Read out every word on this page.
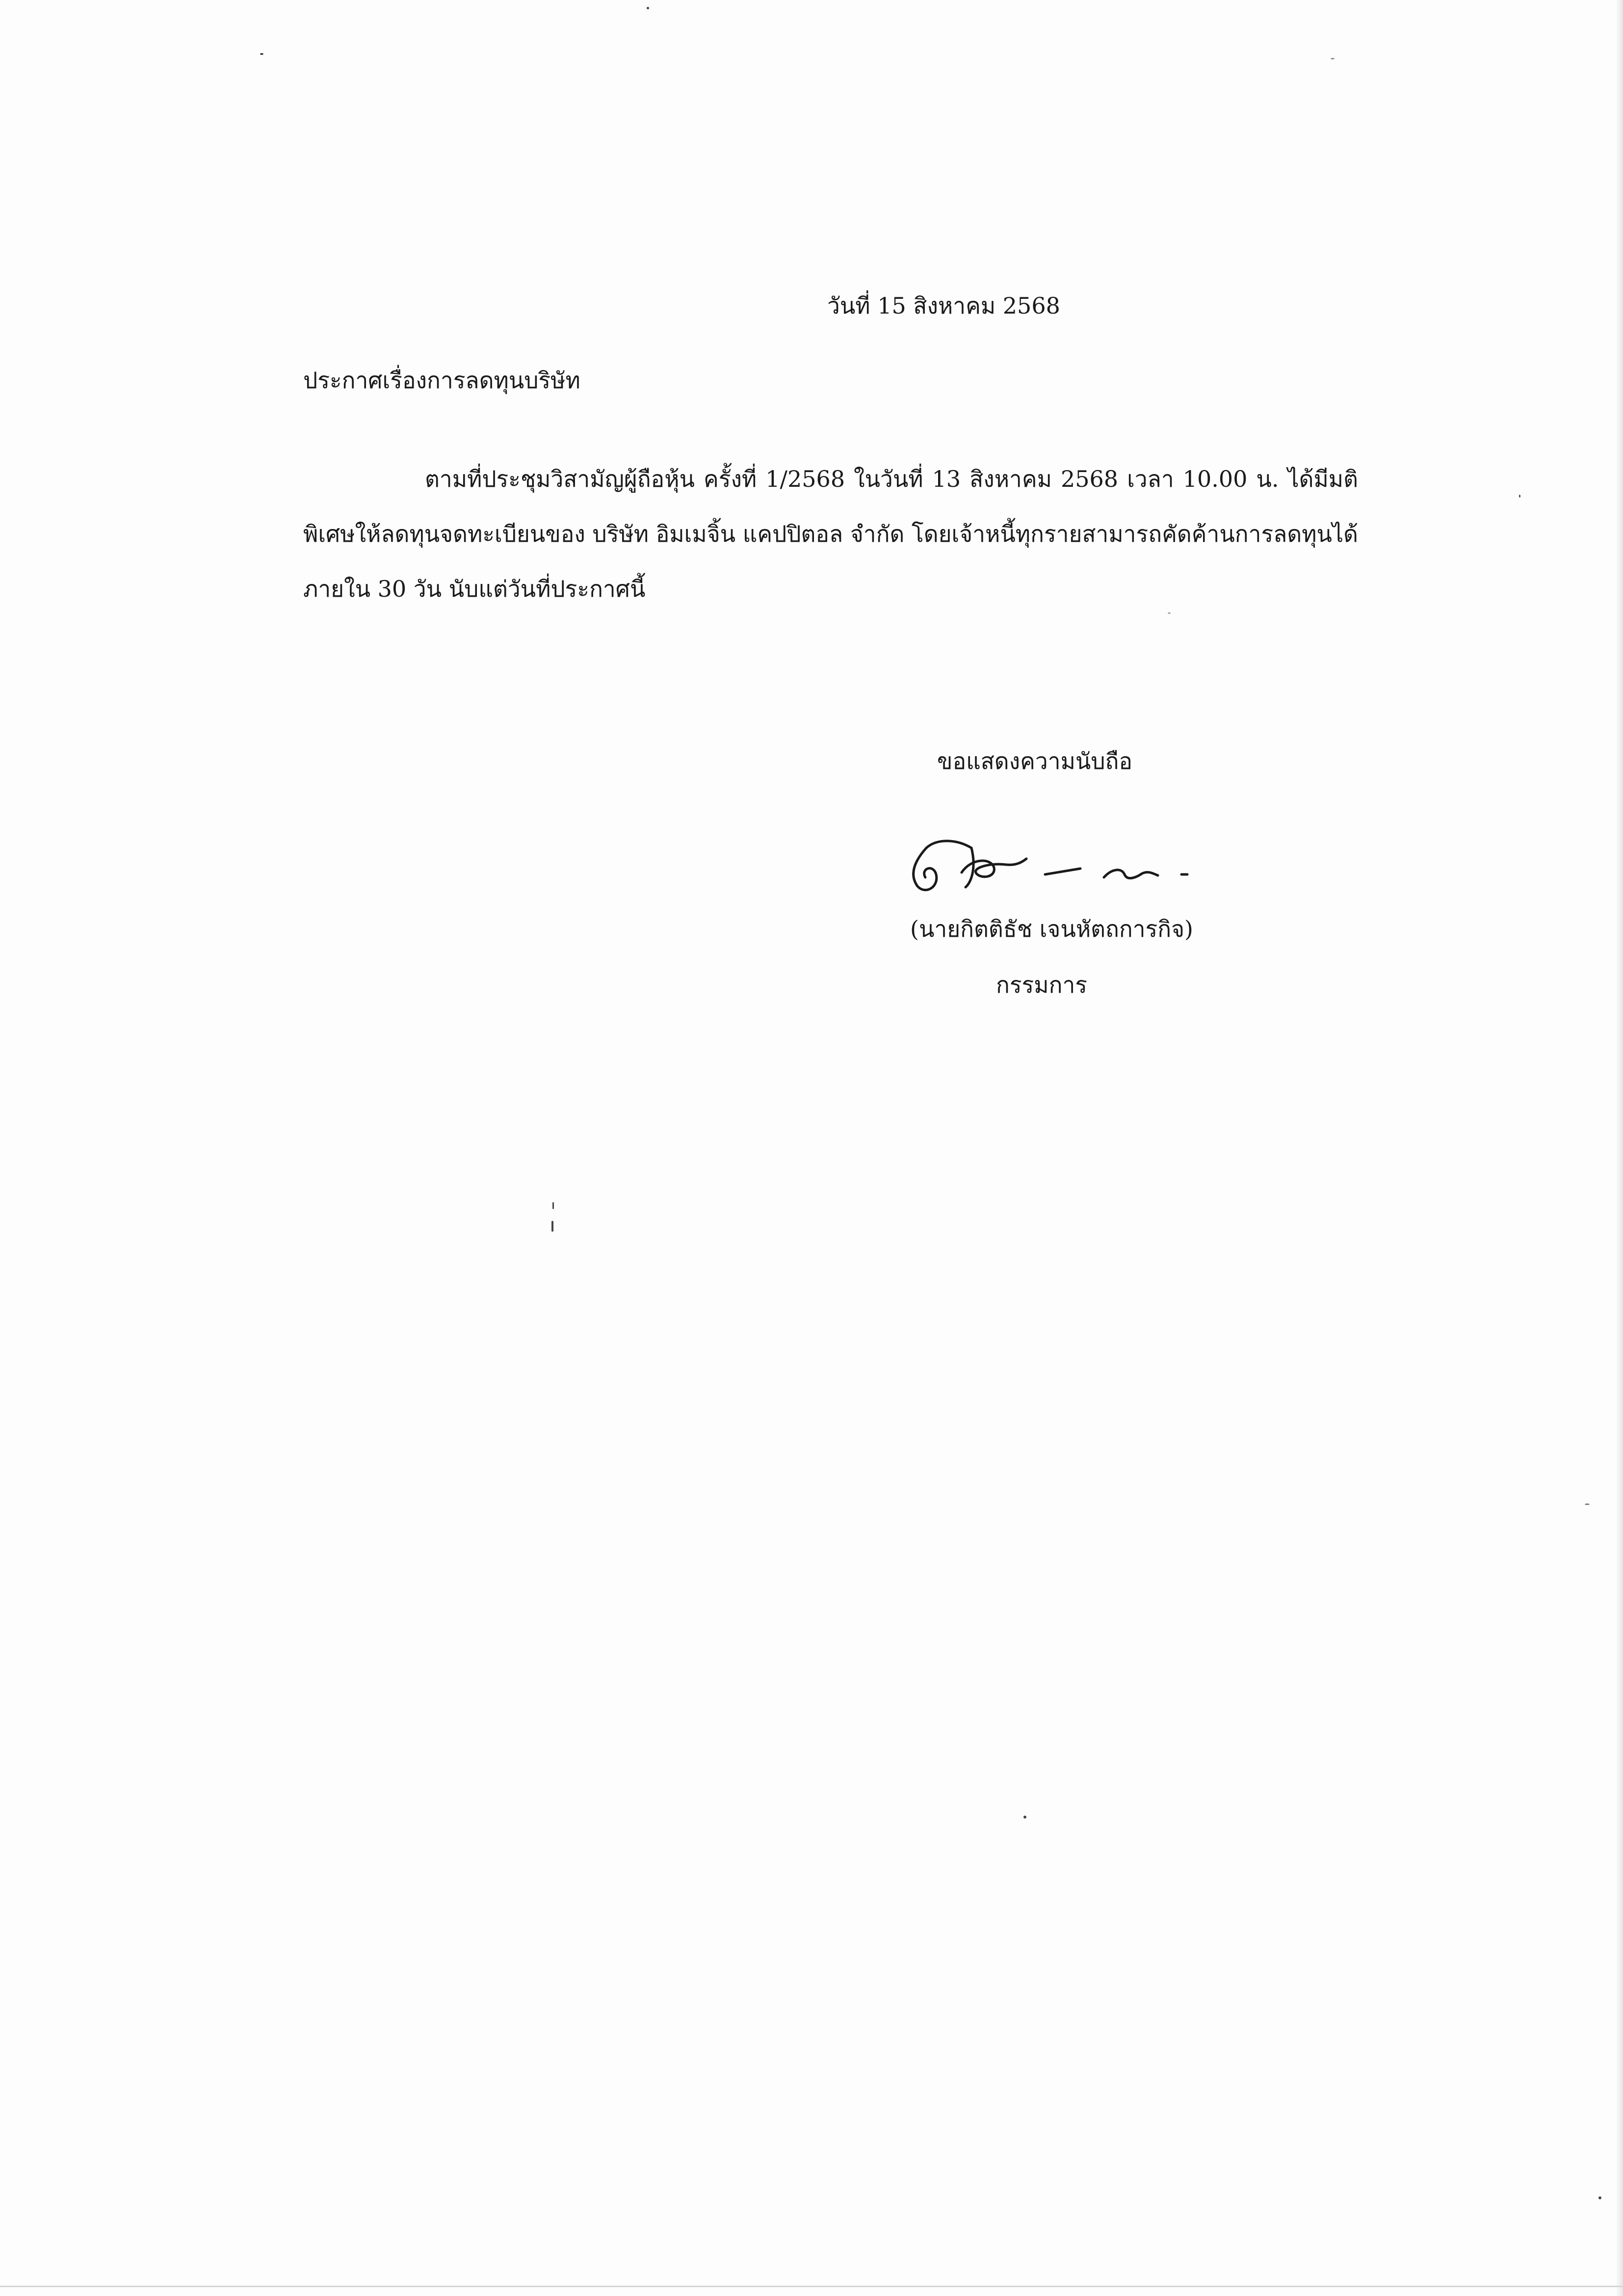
วันที่ 15 สิงหาคม 2568
ประกาศเรื่องการลดทุนบริษัท
ตามที่ประชุมวิสามัญผู้ถือหุ้น ครั้งที่ 1/2568 ในวันที่ 13 สิงหาคม 2568 เวลา 10.00 น. ได้มีมติพิเศษให้ลดทุนจดทะเบียนของ บริษัท อิมเมจิ้น แคปปิตอล จำกัด โดยเจ้าหนี้ทุกรายสามารถคัดค้านการลดทุนได้ภายใน 30 วัน นับแต่วันที่ประกาศนี้
ขอแสดงความนับถือ
(นายกิตติธัช เจนหัตถการกิจ)
กรรมการ
